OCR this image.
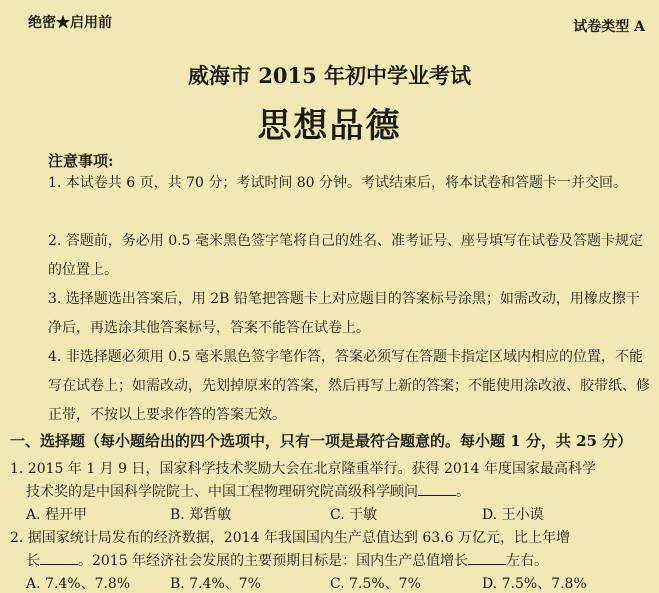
绝密★启用前	试卷类型 A
威海市 2015 年初中学业考试
思想品德
注意事项:
1. 本试卷共 6 页，共 70 分；考试时间 80 分钟。考试结束后，将本试卷和答题卡一并交回。
2. 答题前，务必用 0.5 毫米黑色签字笔将自己的姓名、准考证号、座号填写在试卷及答题卡规定的位置上。
3. 选择题选出答案后，用 2B 铅笔把答题卡上对应题目的答案标号涂黑；如需改动，用橡皮擦干净后，再选涂其他答案标号，答案不能答在试卷上。
4. 非选择题必须用 0.5 毫米黑色签字笔作答，答案必须写在答题卡指定区域内相应的位置，不能写在试卷上；如需改动，先划掉原来的答案，然后再写上新的答案；不能使用涂改液、胶带纸、修正带，不按以上要求作答的答案无效。
一、选择题（每小题给出的四个选项中，只有一项是最符合题意的。每小题 1 分，共 25 分）
1. 2015 年 1 月 9 日，国家科学技术奖励大会在北京隆重举行。获得 2014 年度国家最高科学
技术奖的是中国科学院院士、中国工程物理研究院高级科学顾问	。
A. 程开甲	B. 郑哲敏	C. 于敏	D. 王小谟
2. 据国家统计局发布的经济数据，2014 年我国国内生产总值达到 63.6 万亿元，比上年增
长	。2015 年经济社会发展的主要预期目标是：国内生产总值增长	左右。
A. 7.4%、7.8%	B. 7.4%、7%	C. 7.5%、7%	D. 7.5%、7.8%
